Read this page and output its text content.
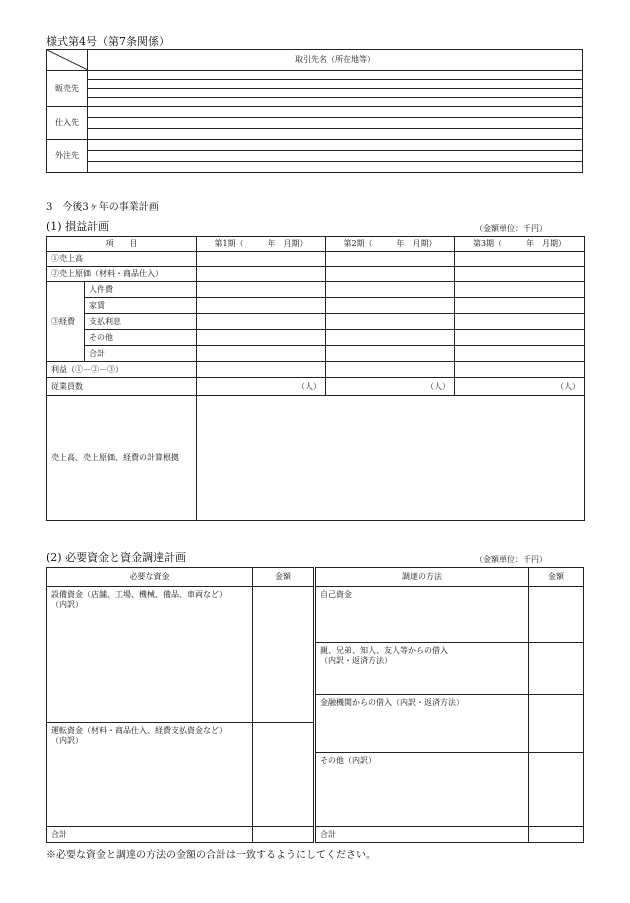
様式第4号（第7条関係）
	取引先名（所在地等）
販売先	

仕入先	

外注先	

3　今後3ヶ年の事業計画
(1) 損益計画	（金額単位：千円）
項　　目		第1期（　　　年　月期）	第2期（　　　年　月期）	第3期（　　　年　月期）
①売上高				
②売上原価（材料・商品仕入）				
③経費	人件費			
	家賃			
	支払利息			
	その他			
	合計			
利益（①－②－③）				
従業員数		（人）	（人）	（人）
売上高、売上原価、経費の計算根拠				
(2) 必要資金と資金調達計画	（金額単位：千円）
必要な資金	金額

設備資金（店舗、工場、機械、備品、車両など）
（内訳）	

運転資金（材料・商品仕入、経費支払資金など）
（内訳）	

合計	
調達の方法	金額
自己資金	

親、兄弟、知人、友人等からの借入
（内訳・返済方法）	

金融機関からの借入（内訳・返済方法）	
その他（内訳）	
合計	
※必要な資金と調達の方法の金額の合計は一致するようにしてください。
